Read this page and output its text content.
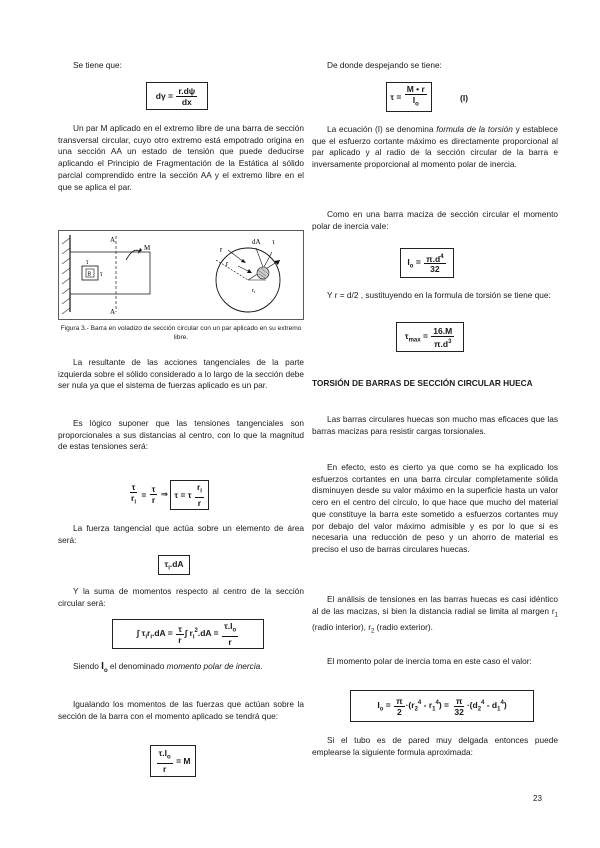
Se tiene que:

$d\gamma = \frac{r.d\psi}{dx}$

Un par M aplicado en el extremo libre de una barra de sección transversal circular, cuyo otro extremo está empotrado origina en una sección AA un estado de tensión que puede deducirse aplicando el Principio de Fragmentación de la Estática al sólido parcial comprendido entre la sección AA y el extremo libre en el que se aplica el par.

A
A
M
B
τ
τ
r
dA τ
r
ri

Figura 3.- Barra en voladizo de sección circular con un par aplicado en su extremo libre.

La resultante de las acciones tangenciales de la parte izquierda sobre el sólido considerado a lo largo de la sección debe ser nula ya que el sistema de fuerzas aplicado es un par.

Es lógico suponer que las tensiones tangenciales son proporcionales a sus distancias al centro, con lo que la magnitud de estas tensiones será:

$\frac{\tau}{r_i} = \frac{\tau}{r}$ ⇒ τ = τ $\frac{r_i}{r}$

La fuerza tangencial que actúa sobre un elemento de área será:

$\tau_i.dA$

Y la suma de momentos respecto al centro de la sección circular será:

∫ $\tau_ir_i.dA = \frac{\tau}{r}$ ∫ $r_i^2.dA = \frac{\tau.I_o}{r}$

Siendo $I_o$ el denominado momento polar de inercia.

Igualando los momentos de las fuerzas que actúan sobre la sección de la barra con el momento aplicado se tendrá que:

$\frac{\tau.I_o}{r} = M$

De donde despejando se tiene:

$\tau = \frac{M • r}{I_o}$	(I)

La ecuación (I) se denomina formula de la torsión y establece que el esfuerzo cortante máximo es directamente proporcional al par aplicado y al radio de la sección circular de la barra e inversamente proporcional al momento polar de inercia.

Como en una barra maciza de sección circular el momento polar de inercia vale:

$I_o = \frac{\pi.d^4}{32}$

Y r = d/2 , sustituyendo en la formula de torsión se tiene que:

$\tau_{max} = \frac{16.M}{\pi.d^3}$

TORSIÓN DE BARRAS DE SECCIÓN CIRCULAR HUECA

Las barras circulares huecas son mucho mas eficaces que las barras macizas para resistir cargas torsionales.

En efecto, esto es cierto ya que como se ha explicado los esfuerzos cortantes en una barra circular completamente sólida disminuyen desde su valor máximo en la superficie hasta un valor cero en el centro del círculo, lo que hace que mucho del material que constituye la barra este sometido a esfuerzos cortantes muy por debajo del valor máximo admisible y es por lo que si es necesaria una reducción de peso y un ahorro de material es preciso el uso de barras circulares huecas.

El análisis de tensiones en las barras huecas es casi idéntico al de las macizas, si bien la distancia radial se limita al margen $r_1$ (radio interior), $r_2$ (radio exterior).

El momento polar de inercia toma en este caso el valor:

$I_o = \frac{\pi}{2} \cdot(r_2^4 - r_1^4) = \frac{\pi}{32} \cdot(d_2^4 - d_1^4)$

Si el tubo es de pared muy delgada entonces puede emplearse la siguiente formula aproximada:

23
